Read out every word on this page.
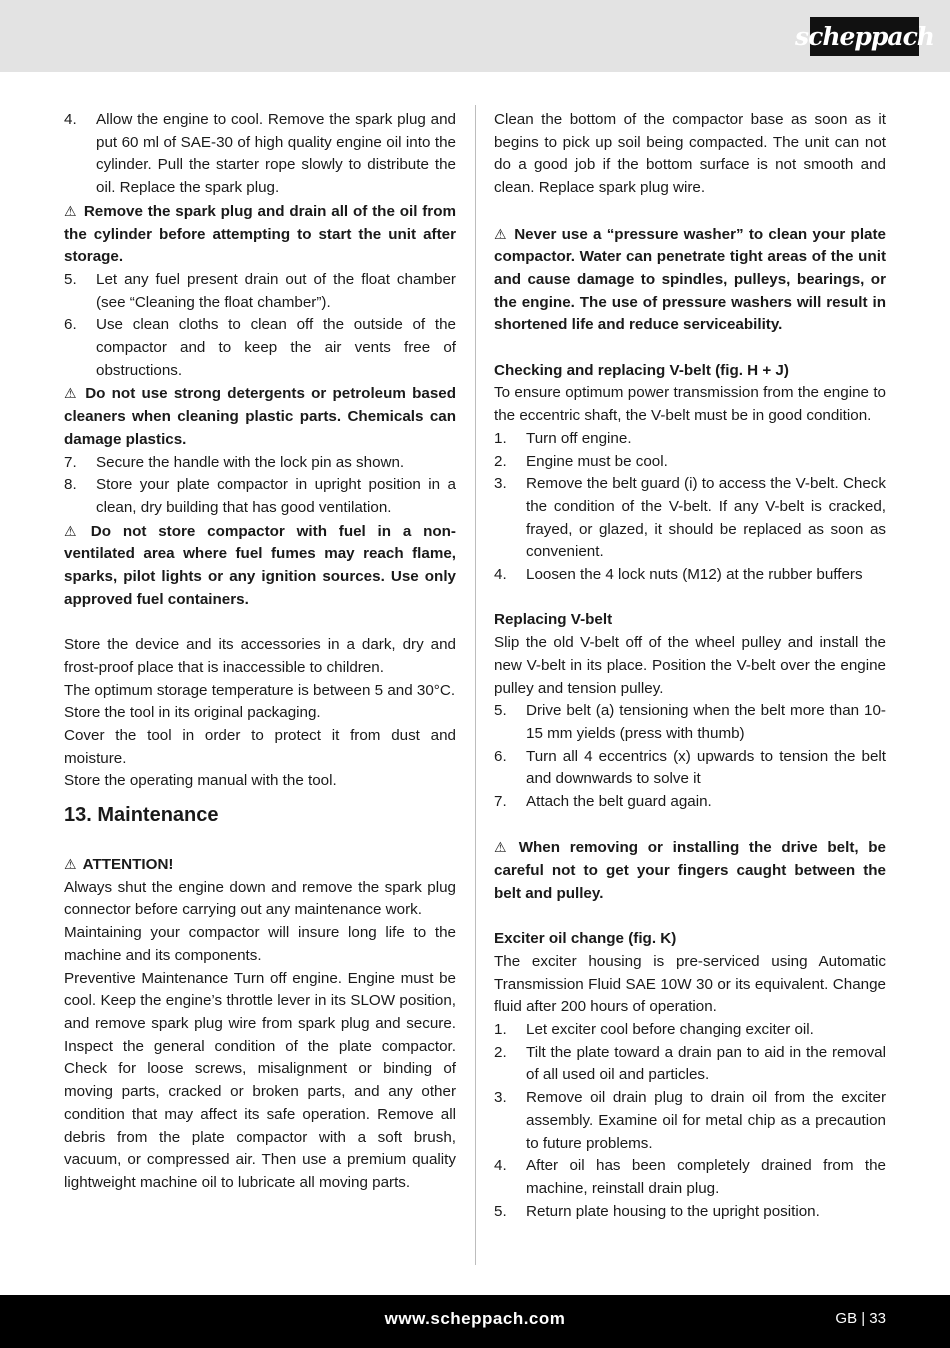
scheppach
4.	Allow the engine to cool. Remove the spark plug and put 60 ml of SAE-30 of high quality engine oil into the cylinder. Pull the starter rope slowly to distribute the oil. Replace the spark plug.
⚠ Remove the spark plug and drain all of the oil from the cylinder before attempting to start the unit after storage.
5.	Let any fuel present drain out of the float chamber (see “Cleaning the float chamber”).
6.	Use clean cloths to clean off the outside of the compactor and to keep the air vents free of obstructions.
⚠ Do not use strong detergents or petroleum based cleaners when cleaning plastic parts. Chemicals can damage plastics.
7.	Secure the handle with the lock pin as shown.
8.	Store your plate compactor in upright position in a clean, dry building that has good ventilation.
⚠ Do not store compactor with fuel in a non-ventilated area where fuel fumes may reach flame, sparks, pilot lights or any ignition sources. Use only approved fuel containers.
Store the device and its accessories in a dark, dry and frost-proof place that is inaccessible to children.
The optimum storage temperature is between 5 and 30°C.
Store the tool in its original packaging.
Cover the tool in order to protect it from dust and moisture.
Store the operating manual with the tool.
13. Maintenance
⚠ ATTENTION!
Always shut the engine down and remove the spark plug connector before carrying out any maintenance work.
Maintaining your compactor will insure long life to the machine and its components.
Preventive Maintenance Turn off engine. Engine must be cool. Keep the engine’s throttle lever in its SLOW position, and remove spark plug wire from spark plug and secure. Inspect the general condition of the plate compactor. Check for loose screws, misalignment or binding of moving parts, cracked or broken parts, and any other condition that may affect its safe operation. Remove all debris from the plate compactor with a soft brush, vacuum, or compressed air. Then use a premium quality lightweight machine oil to lubricate all moving parts.
Clean the bottom of the compactor base as soon as it begins to pick up soil being compacted. The unit can not do a good job if the bottom surface is not smooth and clean. Replace spark plug wire.
⚠ Never use a “pressure washer” to clean your plate compactor. Water can penetrate tight areas of the unit and cause damage to spindles, pulleys, bearings, or the engine. The use of pressure washers will result in shortened life and reduce serviceability.
Checking and replacing V-belt (fig. H + J)
To ensure optimum power transmission from the engine to the eccentric shaft, the V-belt must be in good condition.
1.	Turn off engine.
2.	Engine must be cool.
3.	Remove the belt guard (i) to access the V-belt. Check the condition of the V-belt. If any V-belt is cracked, frayed, or glazed, it should be replaced as soon as convenient.
4.	Loosen the 4 lock nuts (M12) at the rubber buffers
Replacing V-belt
Slip the old V-belt off of the wheel pulley and install the new V-belt in its place. Position the V-belt over the engine pulley and tension pulley.
5.	Drive belt (a) tensioning when the belt more than 10-15 mm yields (press with thumb)
6.	Turn all 4 eccentrics (x) upwards to tension the belt and downwards to solve it
7.	Attach the belt guard again.
⚠ When removing or installing the drive belt, be careful not to get your fingers caught between the belt and pulley.
Exciter oil change (fig. K)
The exciter housing is pre-serviced using Automatic Transmission Fluid SAE 10W 30 or its equivalent. Change fluid after 200 hours of operation.
1.	Let exciter cool before changing exciter oil.
2.	Tilt the plate toward a drain pan to aid in the removal of all used oil and particles.
3.	Remove oil drain plug to drain oil from the exciter assembly. Examine oil for metal chip as a precaution to future problems.
4.	After oil has been completely drained from the machine, reinstall drain plug.
5.	Return plate housing to the upright position.
www.scheppach.com	GB | 33
